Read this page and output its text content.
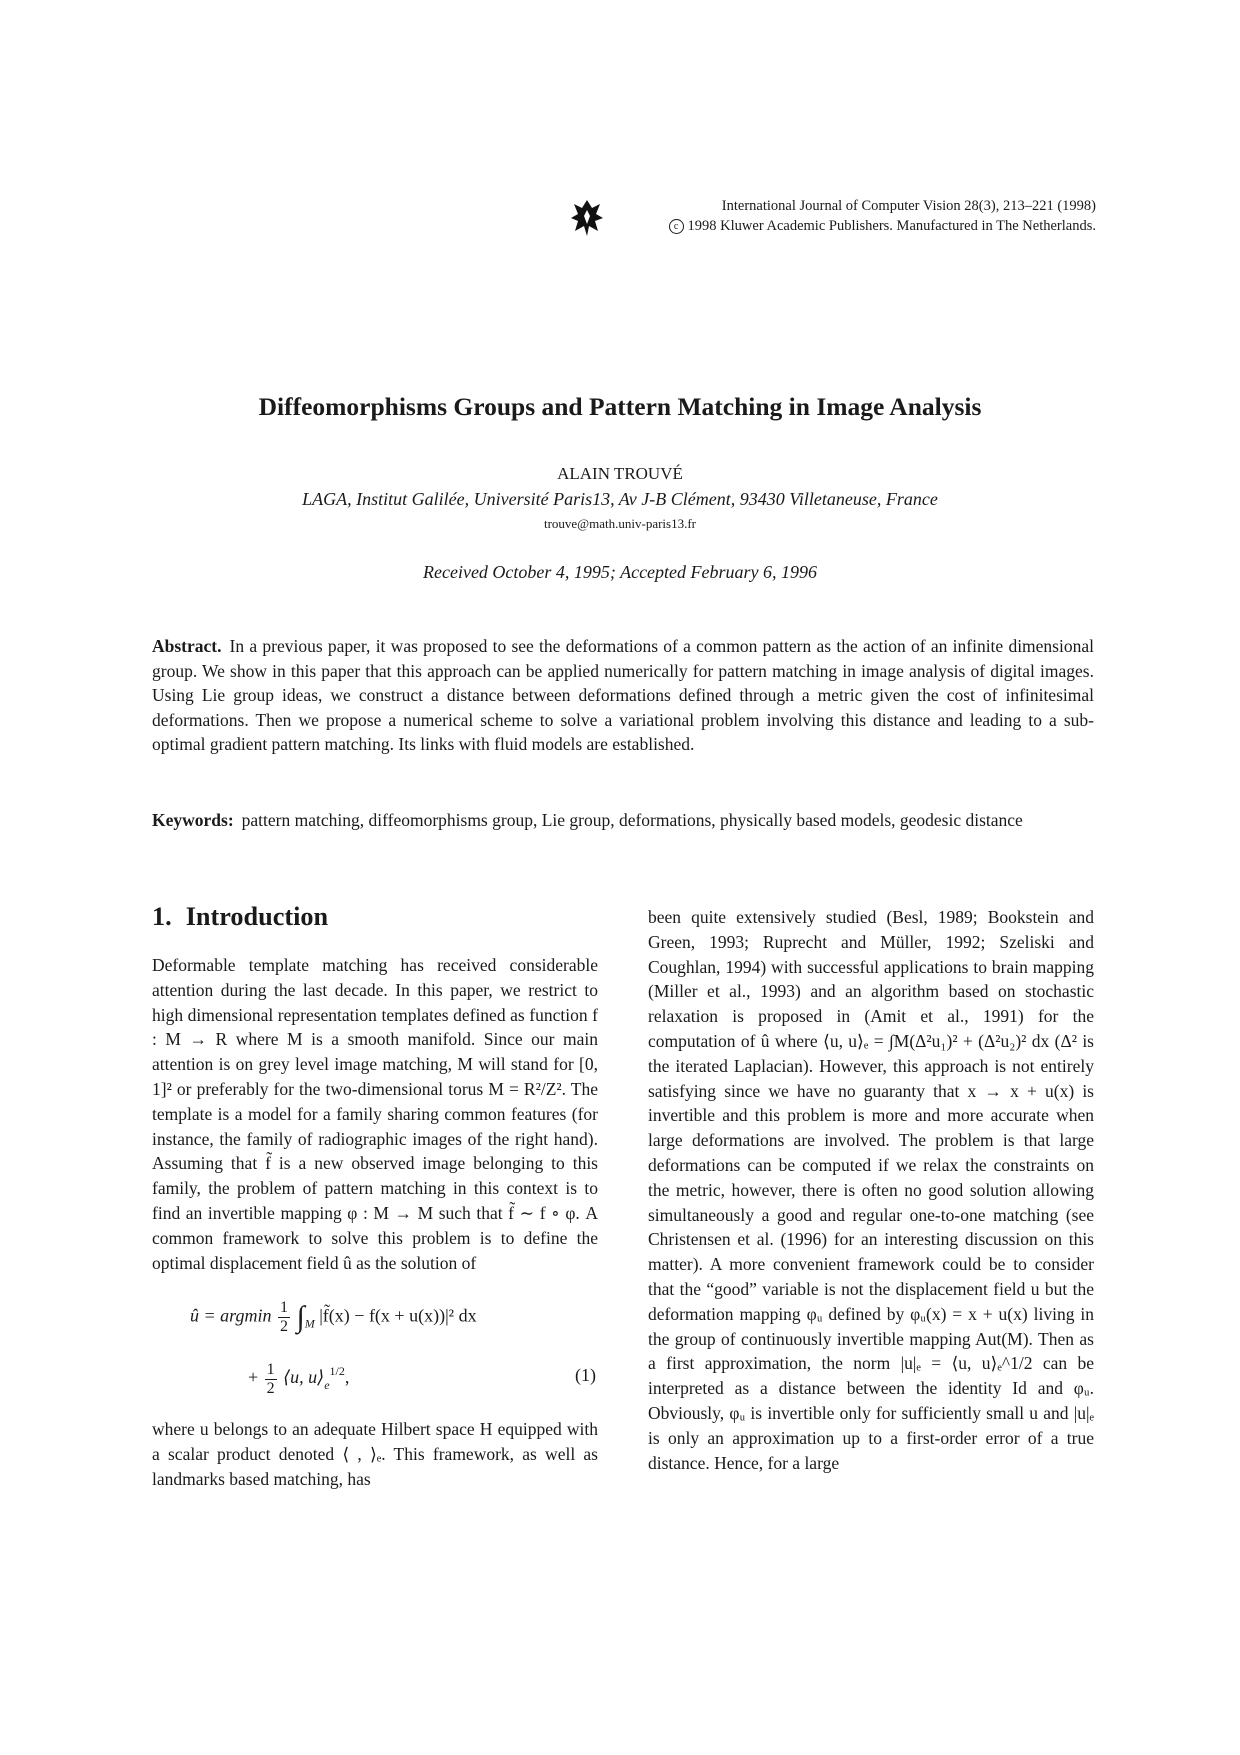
International Journal of Computer Vision 28(3), 213–221 (1998)
c 1998 Kluwer Academic Publishers. Manufactured in The Netherlands.
Diffeomorphisms Groups and Pattern Matching in Image Analysis
ALAIN TROUVÉ
LAGA, Institut Galilée, Université Paris13, Av J-B Clément, 93430 Villetaneuse, France
trouve@math.univ-paris13.fr
Received October 4, 1995; Accepted February 6, 1996

Abstract. In a previous paper, it was proposed to see the deformations of a common pattern as the action of an infinite dimensional group. We show in this paper that this approach can be applied numerically for pattern matching in image analysis of digital images. Using Lie group ideas, we construct a distance between deformations defined through a metric given the cost of infinitesimal deformations. Then we propose a numerical scheme to solve a variational problem involving this distance and leading to a sub-optimal gradient pattern matching. Its links with fluid models are established.

Keywords: pattern matching, diffeomorphisms group, Lie group, deformations, physically based models, geodesic distance

1. Introduction

Deformable template matching has received considerable attention during the last decade. In this paper, we restrict to high dimensional representation templates defined as function f : M → R where M is a smooth manifold. Since our main attention is on grey level image matching, M will stand for [0, 1]² or preferably for the two-dimensional torus M = R²/Z². The template is a model for a family sharing common features (for instance, the family of radiographic images of the right hand). Assuming that f̃ is a new observed image belonging to this family, the problem of pattern matching in this context is to find an invertible mapping φ : M → M such that f̃ ∼ f ∘ φ. A common framework to solve this problem is to define the optimal displacement field û as the solution of

û = argmin $\frac{1}{2} \int_M$ |f̃(x) − f(x + u(x))|² dx
+ $\frac{1}{2}$ ⟨u, $u⟩_e^{1/2}$,	(1)

where u belongs to an adequate Hilbert space H equipped with a scalar product denoted ⟨ , ⟩ₑ. This framework, as well as landmarks based matching, has

been quite extensively studied (Besl, 1989; Bookstein and Green, 1993; Ruprecht and Müller, 1992; Szeliski and Coughlan, 1994) with successful applications to brain mapping (Miller et al., 1993) and an algorithm based on stochastic relaxation is proposed in (Amit et al., 1991) for the computation of û where ⟨u, u⟩ₑ = ∫M(Δ²u₁)² + (Δ²u₂)² dx (Δ² is the iterated Laplacian). However, this approach is not entirely satisfying since we have no guaranty that x → x + u(x) is invertible and this problem is more and more accurate when large deformations are involved. The problem is that large deformations can be computed if we relax the constraints on the metric, however, there is often no good solution allowing simultaneously a good and regular one-to-one matching (see Christensen et al. (1996) for an interesting discussion on this matter). A more convenient framework could be to consider that the “good” variable is not the displacement field u but the deformation mapping φᵤ defined by φᵤ(x) = x + u(x) living in the group of continuously invertible mapping Aut(M). Then as a first approximation, the norm |u|ₑ = ⟨u, u⟩ₑ^1/2 can be interpreted as a distance between the identity Id and φᵤ. Obviously, φᵤ is invertible only for sufficiently small u and |u|ₑ is only an approximation up to a first-order error of a true distance. Hence, for a large
